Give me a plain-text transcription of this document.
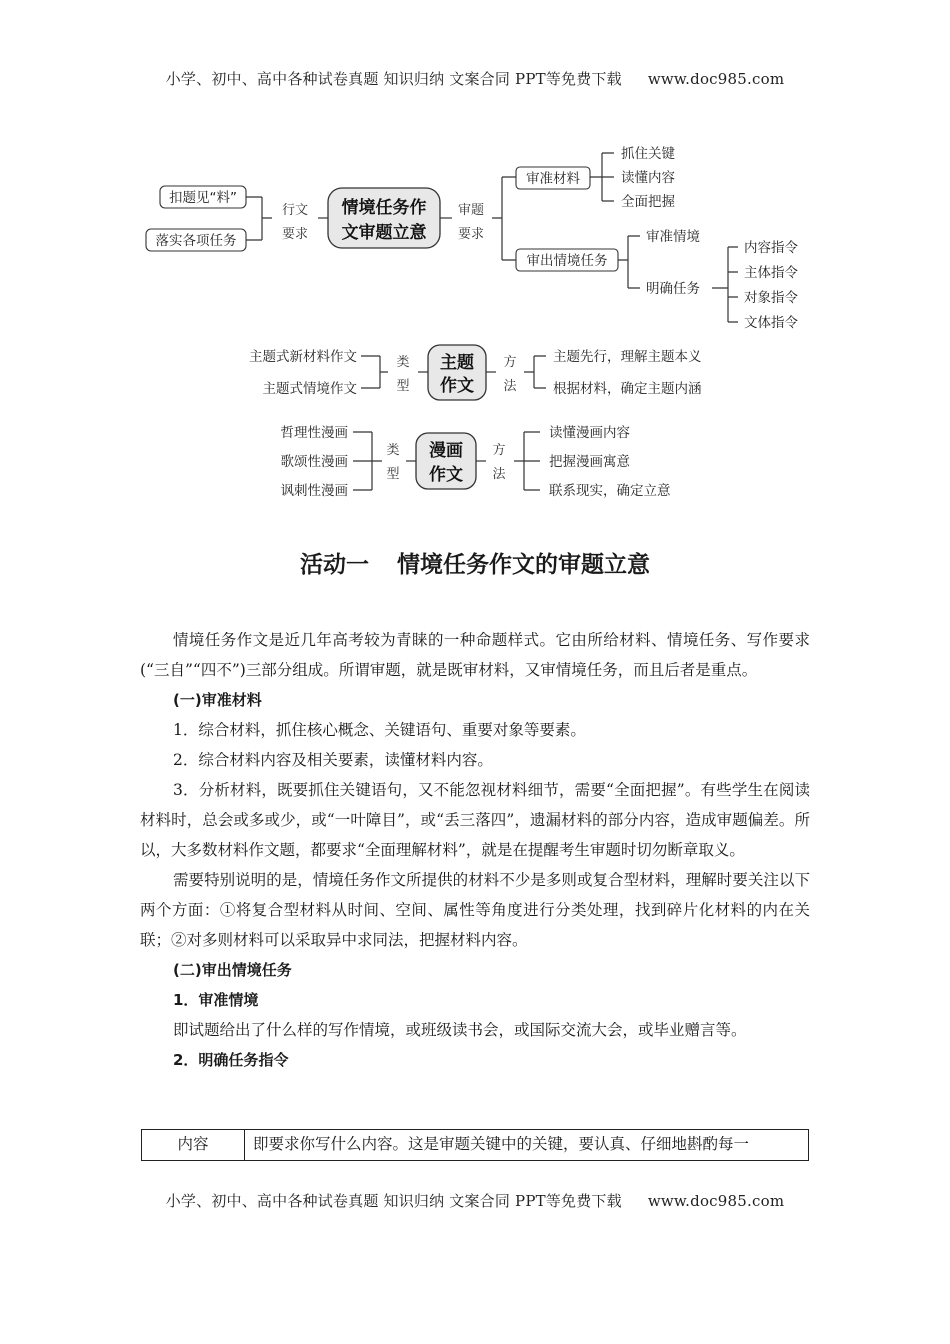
小学、初中、高中各种试卷真题 知识归纳 文案合同 PPT等免费下载 www.doc985.com
扣题见“料”
落实各项任务
行文
要求
情境任务作
文审题立意
审题
要求
审准材料
抓住关键
读懂内容
全面把握
审出情境任务
审准情境
明确任务
内容指令
主体指令
对象指令
文体指令
主题式新材料作文
主题式情境作文
类
型
主题
作文
方
法
主题先行，理解主题本义
根据材料，确定主题内涵
哲理性漫画
歌颂性漫画
讽刺性漫画
类
型
漫画
作文
方
法
读懂漫画内容
把握漫画寓意
联系现实，确定立意
活动一 情境任务作文的审题立意

情境任务作文是近几年高考较为青睐的一种命题样式。它由所给材料、情境任务、写作要求(“三自”“四不”)三部分组成。所谓审题，就是既审材料，又审情境任务，而且后者是重点。

(一)审准材料

1．综合材料，抓住核心概念、关键语句、重要对象等要素。

2．综合材料内容及相关要素，读懂材料内容。

3．分析材料，既要抓住关键语句，又不能忽视材料细节，需要“全面把握”。有些学生在阅读材料时，总会或多或少，或“一叶障目”，或“丢三落四”，遗漏材料的部分内容，造成审题偏差。所以，大多数材料作文题，都要求“全面理解材料”，就是在提醒考生审题时切勿断章取义。

需要特别说明的是，情境任务作文所提供的材料不少是多则或复合型材料，理解时要关注以下两个方面：①将复合型材料从时间、空间、属性等角度进行分类处理，找到碎片化材料的内在关联；②对多则材料可以采取异中求同法，把握材料内容。

(二)审出情境任务

1．审准情境

即试题给出了什么样的写作情境，或班级读书会，或国际交流大会，或毕业赠言等。

2．明确任务指令

内容	即要求你写什么内容。这是审题关键中的关键，要认真、仔细地斟酌每一
小学、初中、高中各种试卷真题 知识归纳 文案合同 PPT等免费下载 www.doc985.com
